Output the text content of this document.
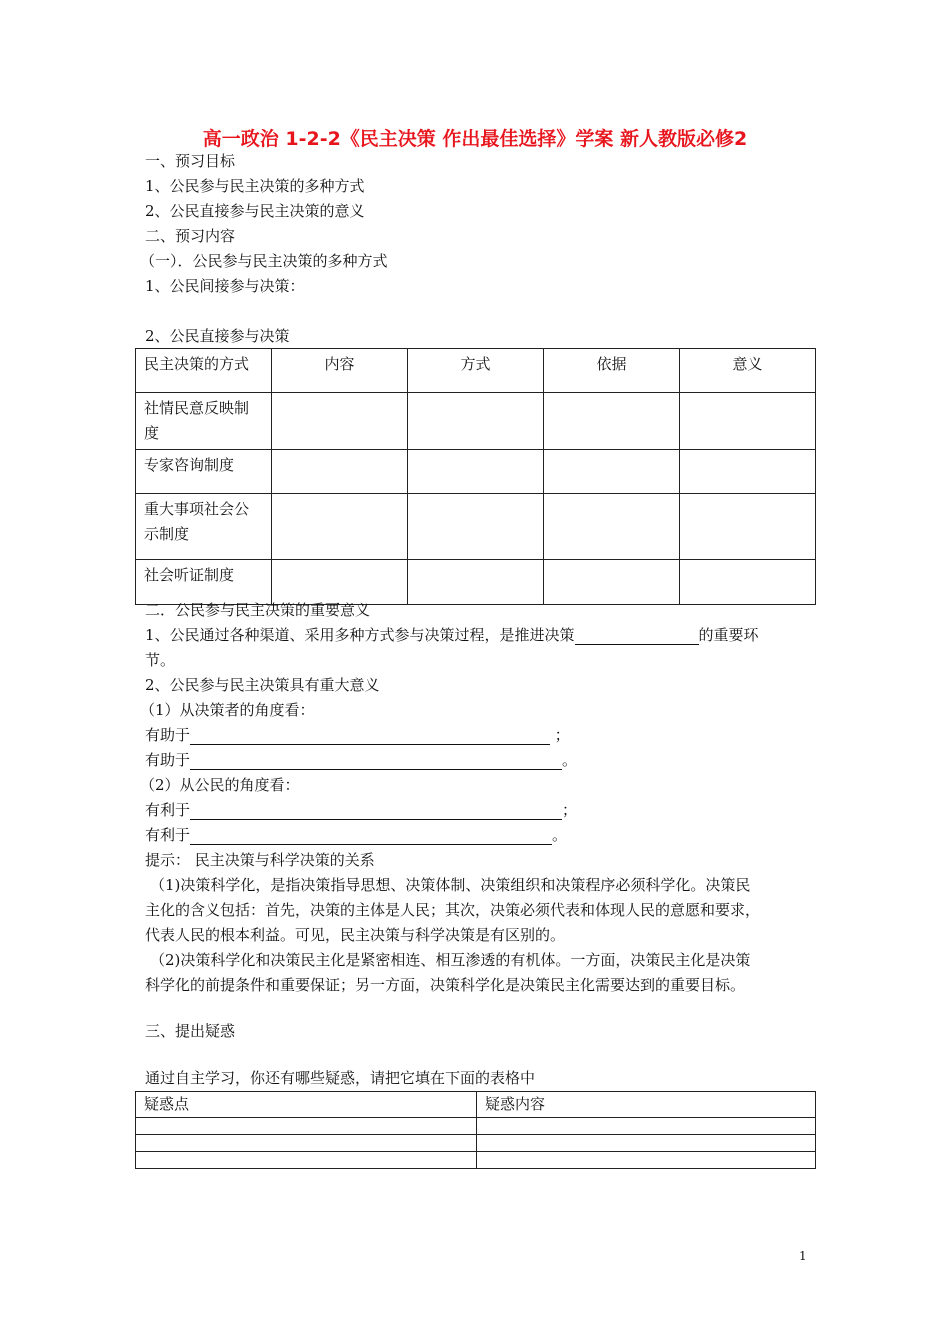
高一政治 1-2-2《民主决策 作出最佳选择》学案 新人教版必修2
一、预习目标
1、公民参与民主决策的多种方式
2、公民直接参与民主决策的意义
二、预习内容
（一）．公民参与民主决策的多种方式
1、公民间接参与决策：
2、公民直接参与决策
民主决策的方式	内容	方式	依据	意义
社情民意反映制度				
专家咨询制度				
重大事项社会公示制度				
社会听证制度				
二．公民参与民主决策的重要意义
1、公民通过各种渠道、采用多种方式参与决策过程，是推进决策	的重要环
节。
2、公民参与民主决策具有重大意义
（1）从决策者的角度看：
有助于	；
有助于	。
（2）从公民的角度看：
有利于	；
有利于	。
提示： 民主决策与科学决策的关系
（1)决策科学化，是指决策指导思想、决策体制、决策组织和决策程序必须科学化。决策民
主化的含义包括：首先，决策的主体是人民；其次，决策必须代表和体现人民的意愿和要求，
代表人民的根本利益。可见，民主决策与科学决策是有区别的。
（2)决策科学化和决策民主化是紧密相连、相互渗透的有机体。一方面，决策民主化是决策
科学化的前提条件和重要保证；另一方面，决策科学化是决策民主化需要达到的重要目标。
三、提出疑惑
通过自主学习，你还有哪些疑惑，请把它填在下面的表格中
疑惑点	疑惑内容

1
